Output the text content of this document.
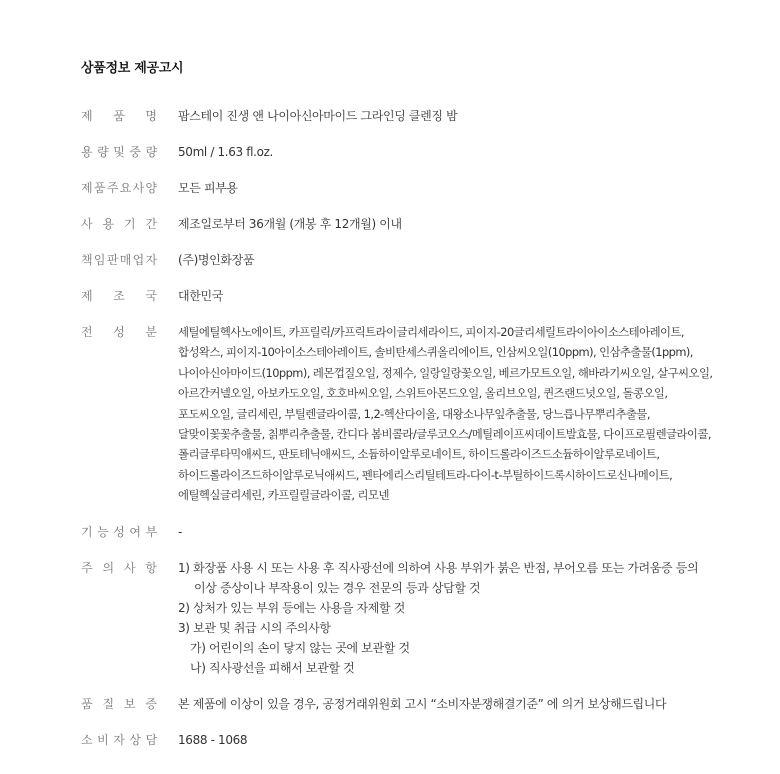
상품정보 제공고시
제 품 명 팜스테이 진생 앤 나이아신아마이드 그라인딩 클렌징 밤
용 량 및 중 량 50ml / 1.63 fl.oz.
제 품 주 요 사 양 모든 피부용
사 용 기 간 제조일로부터 36개월 (개봉 후 12개월) 이내
책 임 판 매 업 자 (주)명인화장품
제 조 국 대한민국
전 성 분 세틸에틸헥사노에이트, 카프릴릭/카프릭트라이글리세라이드, 피이지-20글리세릴트라이아이소스테아레이트, 합성왁스, 피이지-10아이소스테아레이트, 솔비탄세스퀴올리에이트, 인삼씨오일(10ppm), 인삼추출물(1ppm), 나이아신아마이드(10ppm), 레몬껍질오일, 정제수, 일랑일랑꽃오일, 베르가모트오일, 해바라기씨오일, 살구씨오일, 아르간커넬오일, 아보카도오일, 호호바씨오일, 스위트아몬드오일, 올리브오일, 퀸즈랜드넛오일, 돌콩오일, 포도씨오일, 글리세린, 부틸렌글라이콜, 1,2-헥산다이올, 대왕소나무잎추출물, 당느릅나무뿌리추출물, 달맞이꽃꽃추출물, 칡뿌리추출물, 칸디다 봄비콜라/글루코오스/메틸레이프씨데이트발효물, 다이프로필렌글라이콜, 폴리글루타믹애씨드, 판토테닉애씨드, 소듐하이알루로네이트, 하이드롤라이즈드소듐하이알루로네이트, 하이드롤라이즈드하이알루로닉애씨드, 펜타에리스리틸테트라-다이-t-부틸하이드록시하이드로신나메이트, 에틸헥실글리세린, 카프릴릴글라이콜, 리모넨
기 능 성 여 부 -
주 의 사 항 1) 화장품 사용 시 또는 사용 후 직사광선에 의하여 사용 부위가 붉은 반점, 부어오름 또는 가려움증 등의
이상 증상이나 부작용이 있는 경우 전문의 등과 상담할 것
2) 상처가 있는 부위 등에는 사용을 자제할 것
3) 보관 및 취급 시의 주의사항
가) 어린이의 손이 닿지 않는 곳에 보관할 것
나) 직사광선을 피해서 보관할 것
품 질 보 증 본 제품에 이상이 있을 경우, 공정거래위원회 고시 “소비자분쟁해결기준” 에 의거 보상해드립니다
소 비 자 상 담 1688 - 1068
